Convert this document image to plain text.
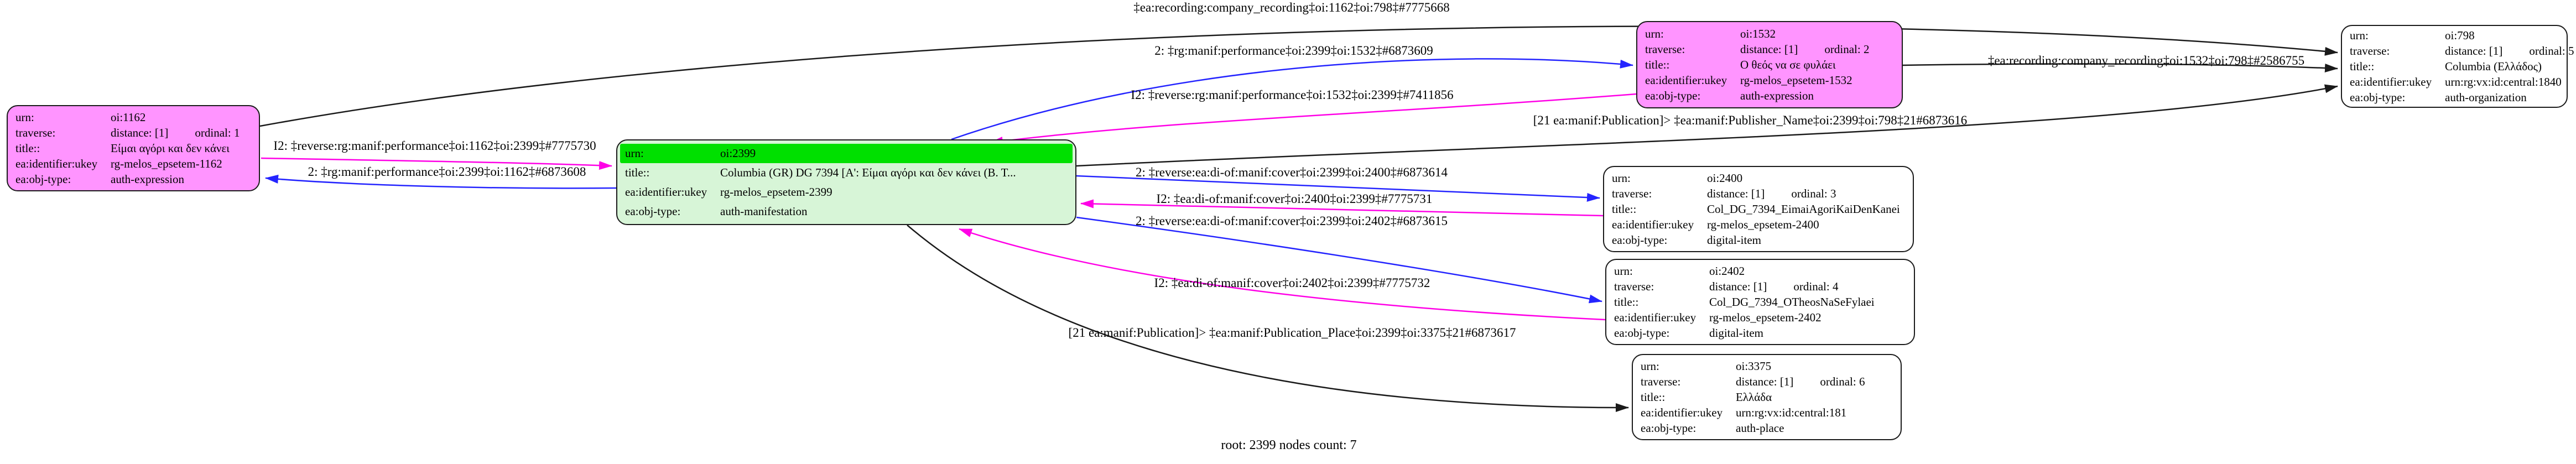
urn:	oi:1162
traverse:	distance: [1] ordinal: 1
title::	Είμαι αγόρι και δεν κάνει
ea:identifier:ukey	rg-melos_epsetem-1162
ea:obj-type:	auth-expression
urn:	oi:2399
title::	Columbia (GR) DG 7394 [Α': Είμαι αγόρι και δεν κάνει (Β. Τ...
ea:identifier:ukey	rg-melos_epsetem-2399
ea:obj-type:	auth-manifestation
urn:	oi:1532
traverse:	distance: [1] ordinal: 2
title::	Ο θεός να σε φυλάει
ea:identifier:ukey	rg-melos_epsetem-1532
ea:obj-type:	auth-expression
urn:	oi:798
traverse:	distance: [1] ordinal: 5
title::	Columbia (Ελλάδος)
ea:identifier:ukey	urn:rg:vx:id:central:1840
ea:obj-type:	auth-organization
urn:	oi:2400
traverse:	distance: [1] ordinal: 3
title::	Col_DG_7394_EimaiAgoriKaiDenKanei
ea:identifier:ukey	rg-melos_epsetem-2400
ea:obj-type:	digital-item
urn:	oi:2402
traverse:	distance: [1] ordinal: 4
title::	Col_DG_7394_OTheosNaSeFylaei
ea:identifier:ukey	rg-melos_epsetem-2402
ea:obj-type:	digital-item
urn:	oi:3375
traverse:	distance: [1] ordinal: 6
title::	Ελλάδα
ea:identifier:ukey	urn:rg:vx:id:central:181
ea:obj-type:	auth-place
‡ea:recording:company_recording‡oi:1162‡oi:798‡#7775668
2: ‡rg:manif:performance‡oi:2399‡oi:1532‡#6873609
I2: ‡reverse:rg:manif:performance‡oi:1532‡oi:2399‡#7411856
‡ea:recording:company_recording‡oi:1532‡oi:798‡#2586755
[21 ea:manif:Publication]> ‡ea:manif:Publisher_Name‡oi:2399‡oi:798‡21#6873616
I2: ‡reverse:rg:manif:performance‡oi:1162‡oi:2399‡#7775730
2: ‡rg:manif:performance‡oi:2399‡oi:1162‡#6873608	2: ‡reverse:ea:di-of:manif:cover‡oi:2399‡oi:2400‡#6873614
I2: ‡ea:di-of:manif:cover‡oi:2400‡oi:2399‡#7775731
2: ‡reverse:ea:di-of:manif:cover‡oi:2399‡oi:2402‡#6873615
I2: ‡ea:di-of:manif:cover‡oi:2402‡oi:2399‡#7775732
[21 ea:manif:Publication]> ‡ea:manif:Publication_Place‡oi:2399‡oi:3375‡21#6873617
root: 2399 nodes count: 7
